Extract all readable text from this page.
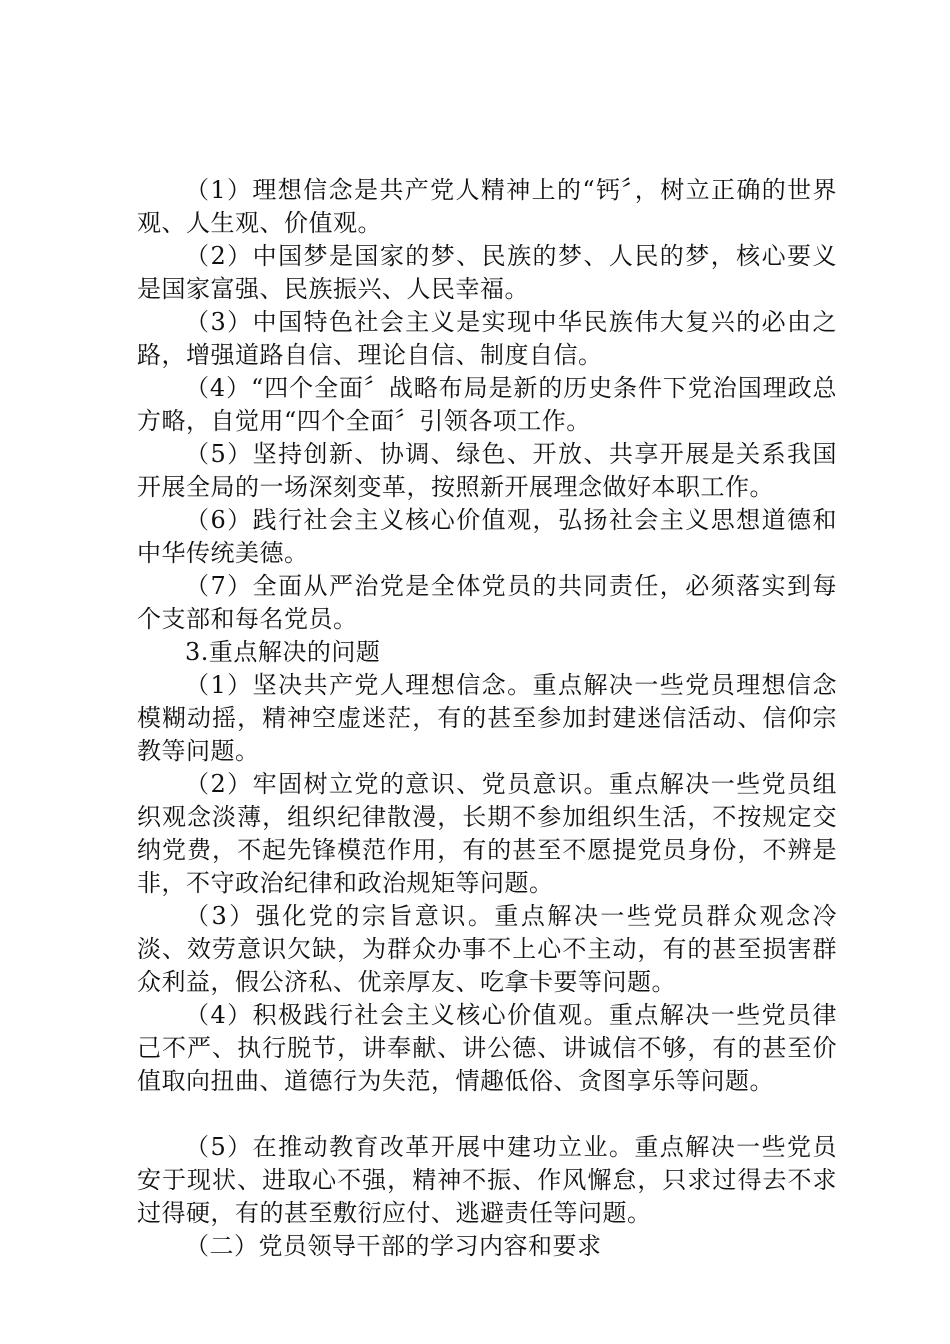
（1）理想信念是共产党人精神上的“钙〞，树立正确的世界观、人生观、价值观。

（2）中国梦是国家的梦、民族的梦、人民的梦，核心要义是国家富强、民族振兴、人民幸福。

（3）中国特色社会主义是实现中华民族伟大复兴的必由之路，增强道路自信、理论自信、制度自信。

（4）“四个全面〞战略布局是新的历史条件下党治国理政总方略，自觉用“四个全面〞引领各项工作。

（5）坚持创新、协调、绿色、开放、共享开展是关系我国开展全局的一场深刻变革，按照新开展理念做好本职工作。

（6）践行社会主义核心价值观，弘扬社会主义思想道德和中华传统美德。

（7）全面从严治党是全体党员的共同责任，必须落实到每个支部和每名党员。

3.重点解决的问题

（1）坚决共产党人理想信念。重点解决一些党员理想信念模糊动摇，精神空虚迷茫，有的甚至参加封建迷信活动、信仰宗教等问题。

（2）牢固树立党的意识、党员意识。重点解决一些党员组织观念淡薄，组织纪律散漫，长期不参加组织生活，不按规定交纳党费，不起先锋模范作用，有的甚至不愿提党员身份，不辨是非，不守政治纪律和政治规矩等问题。

（3）强化党的宗旨意识。重点解决一些党员群众观念冷淡、效劳意识欠缺，为群众办事不上心不主动，有的甚至损害群众利益，假公济私、优亲厚友、吃拿卡要等问题。

（4）积极践行社会主义核心价值观。重点解决一些党员律己不严、执行脱节，讲奉献、讲公德、讲诚信不够，有的甚至价值取向扭曲、道德行为失范，情趣低俗、贪图享乐等问题。

（5）在推动教育改革开展中建功立业。重点解决一些党员安于现状、进取心不强，精神不振、作风懈怠，只求过得去不求过得硬，有的甚至敷衍应付、逃避责任等问题。

（二）党员领导干部的学习内容和要求
